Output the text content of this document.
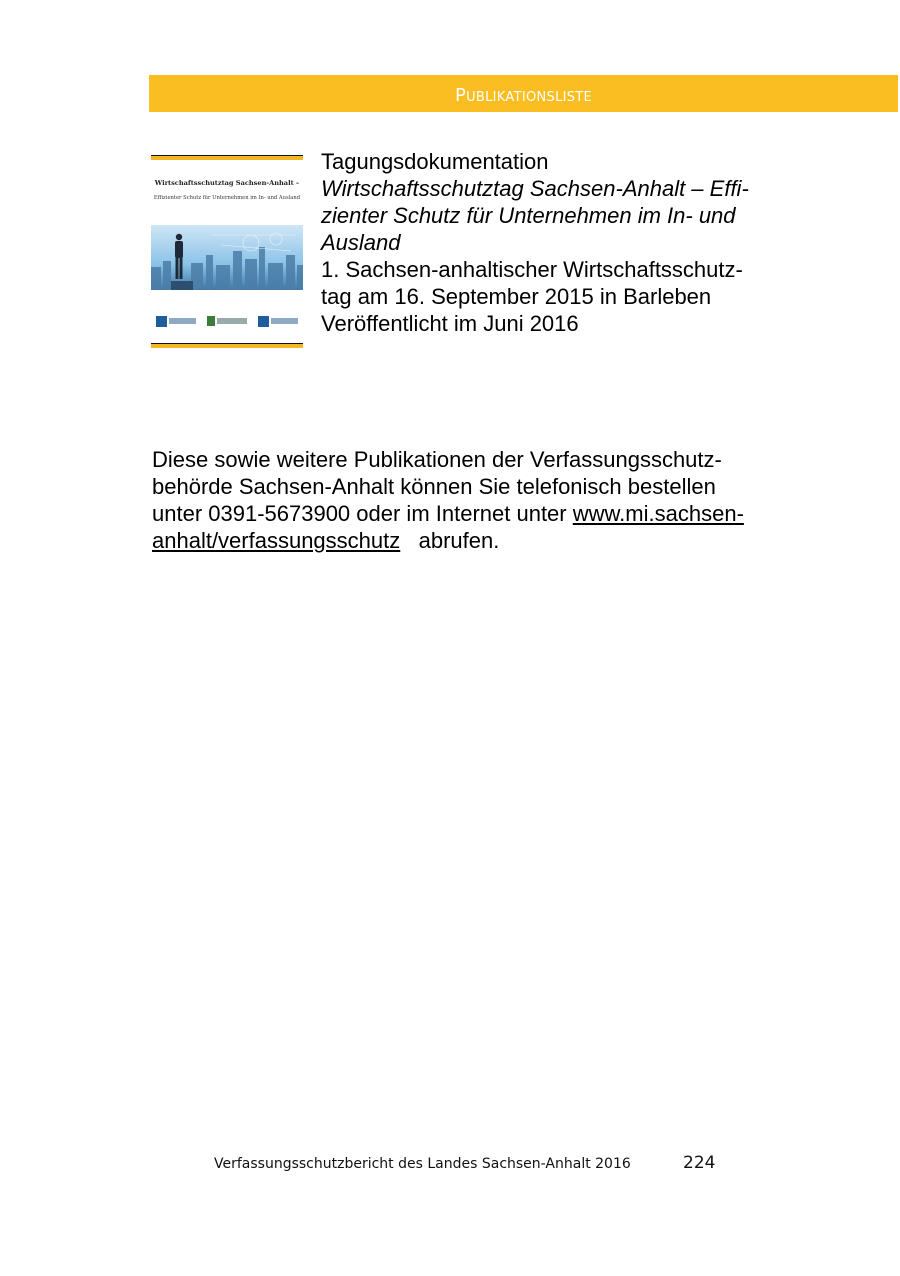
Publikationsliste
Wirtschaftsschutztag Sachsen-Anhalt –
Effizienter Schutz für Unternehmen im In- und Ausland
Tagungsdokumentation
Wirtschaftsschutztag Sachsen-Anhalt – Effi-
zienter Schutz für Unternehmen im In- und
Ausland
1. Sachsen-anhaltischer Wirtschaftsschutz-
tag am 16. September 2015 in Barleben
Veröffentlicht im Juni 2016
Diese sowie weitere Publikationen der Verfassungsschutz-
behörde Sachsen-Anhalt können Sie telefonisch bestellen
unter 0391-5673900 oder im Internet unter www.mi.sachsen-
anhalt/verfassungsschutz   abrufen.
Verfassungsschutzbericht des Landes Sachsen-Anhalt 2016	224
